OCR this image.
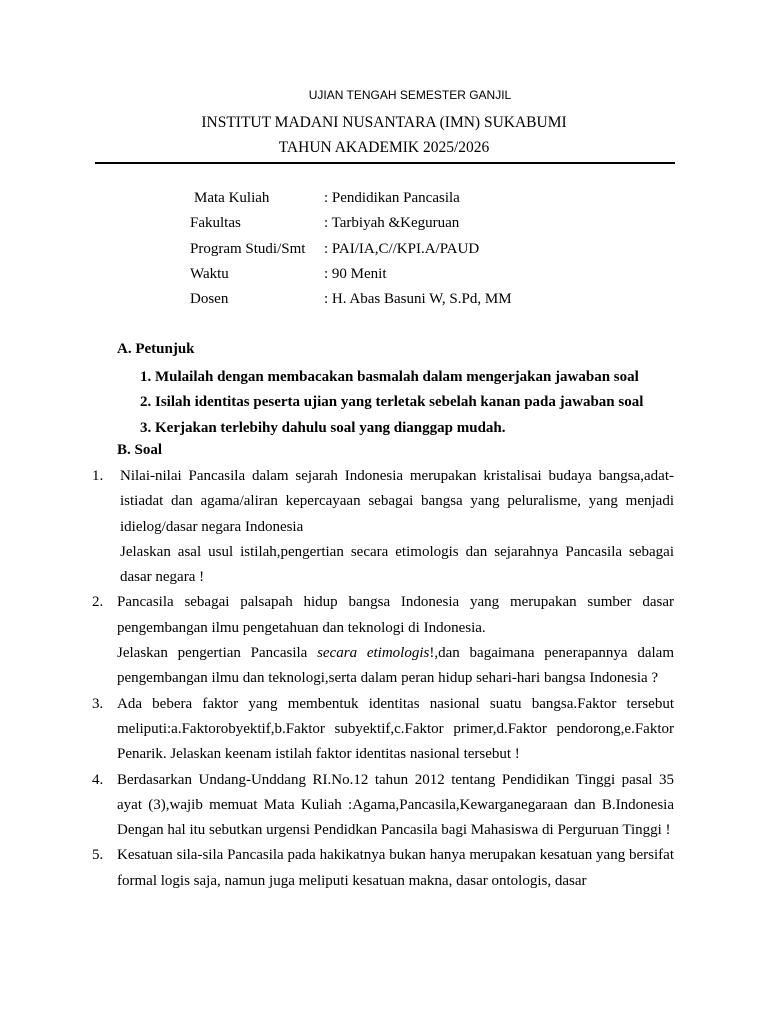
UJIAN TENGAH SEMESTER GANJIL
INSTITUT MADANI NUSANTARA (IMN) SUKABUMI
TAHUN AKADEMIK 2025/2026
Mata Kuliah	: Pendidikan Pancasila
Fakultas	: Tarbiyah &Keguruan
Program Studi/Smt : PAI/IA,C//KPI.A/PAUD
Waktu	: 90 Menit
Dosen	: H. Abas Basuni W, S.Pd, MM
A. Petunjuk
1. Mulailah dengan membacakan basmalah dalam mengerjakan jawaban soal
2. Isilah identitas peserta ujian yang terletak sebelah kanan pada jawaban soal
3. Kerjakan terlebihy dahulu soal yang dianggap mudah.
B. Soal
1. Nilai-nilai Pancasila dalam sejarah Indonesia merupakan kristalisai budaya bangsa,adat-istiadat dan agama/aliran kepercayaan sebagai bangsa yang peluralisme, yang menjadi idielog/dasar negara Indonesia

Jelaskan asal usul istilah,pengertian secara etimologis dan sejarahnya Pancasila sebagai dasar negara !

2. Pancasila sebagai palsapah hidup bangsa Indonesia yang merupakan sumber dasar pengembangan ilmu pengetahuan dan teknologi di Indonesia.

Jelaskan pengertian Pancasila secara etimologis!,dan bagaimana penerapannya dalam pengembangan ilmu dan teknologi,serta dalam peran hidup sehari-hari bangsa Indonesia ?

3. Ada bebera faktor yang membentuk identitas nasional suatu bangsa.Faktor tersebut meliputi:a.Faktorobyektif,b.Faktor subyektif,c.Faktor primer,d.Faktor pendorong,e.Faktor Penarik. Jelaskan keenam istilah faktor identitas nasional tersebut !

4. Berdasarkan Undang-Unddang RI.No.12 tahun 2012 tentang Pendidikan Tinggi pasal 35 ayat (3),wajib memuat Mata Kuliah :Agama,Pancasila,Kewarganegaraan dan B.Indonesia Dengan hal itu sebutkan urgensi Pendidkan Pancasila bagi Mahasiswa di Perguruan Tinggi !

5. Kesatuan sila-sila Pancasila pada hakikatnya bukan hanya merupakan kesatuan yang bersifat formal logis saja, namun juga meliputi kesatuan makna, dasar ontologis, dasar
